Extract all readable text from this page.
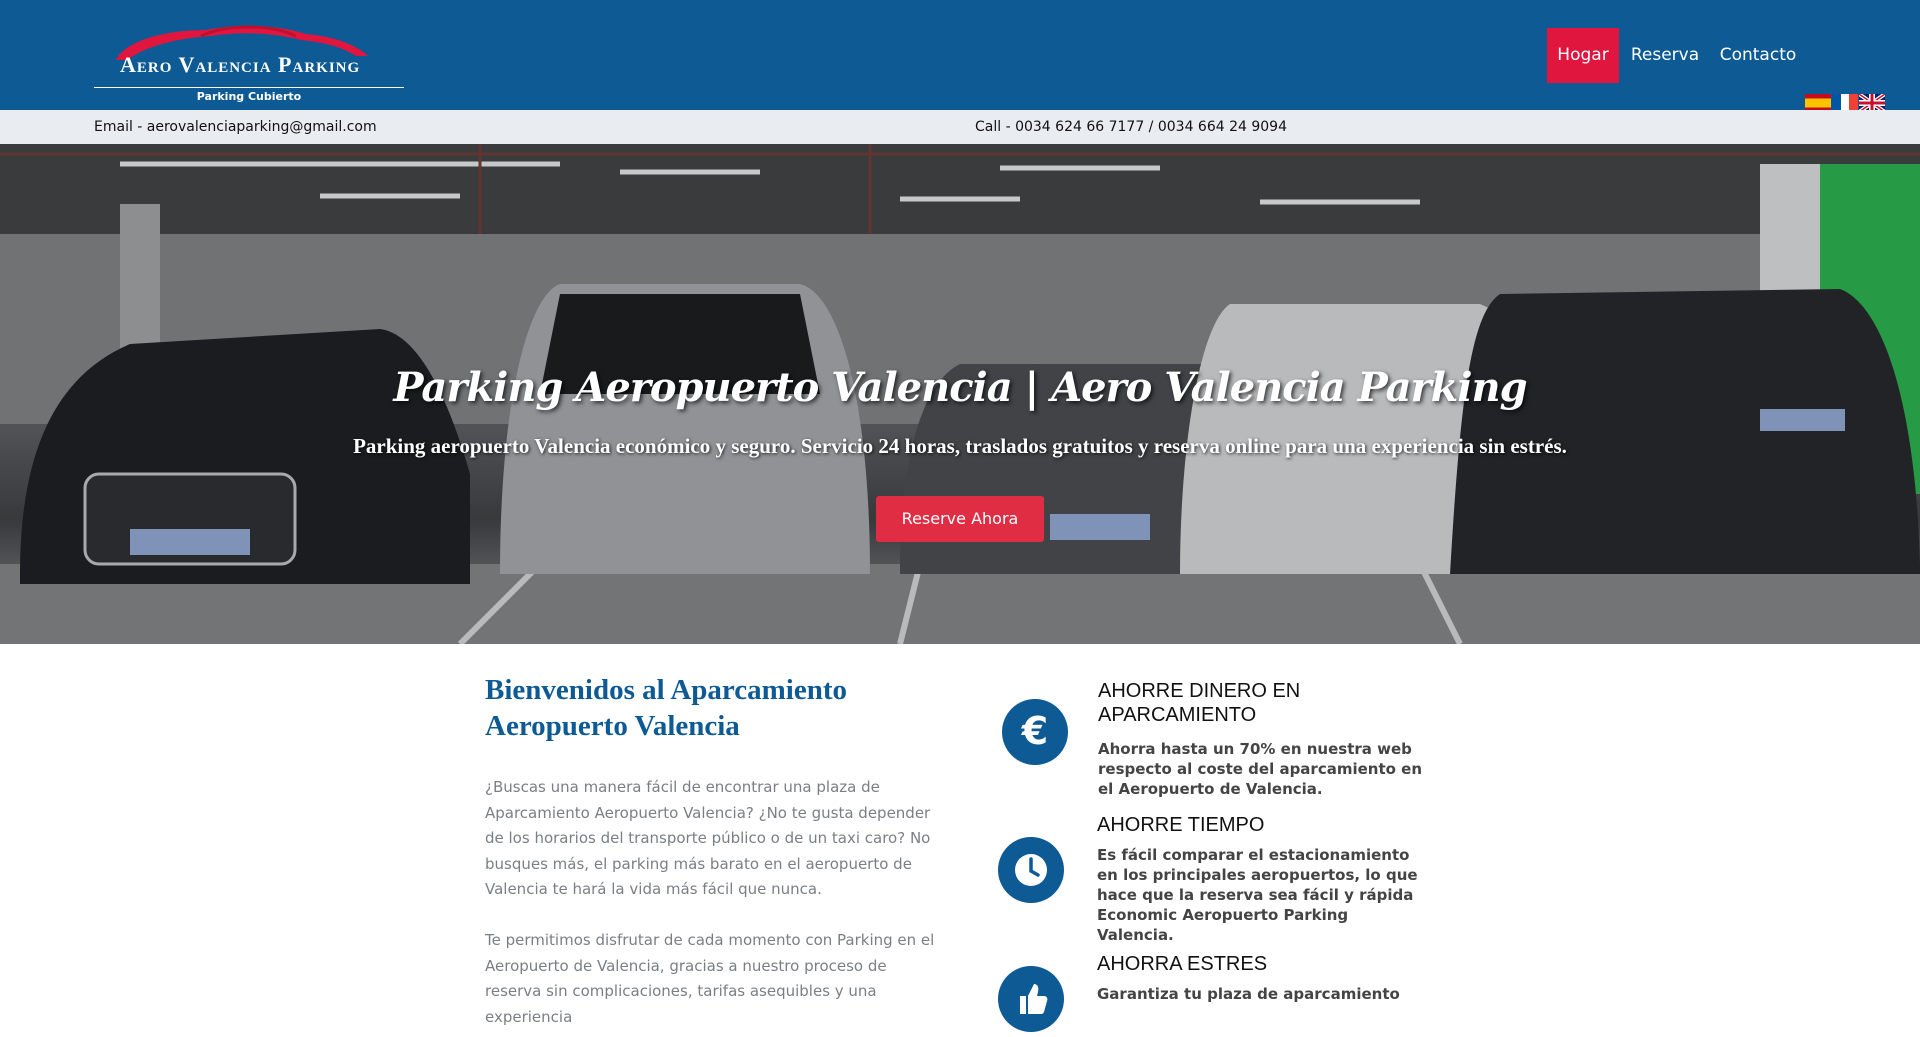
Aero Valencia Parking
Parking Cubierto
Hogar	Reserva	Contacto
Email - aerovalenciaparking@gmail.com	Call - 0034 624 66 7177 / 0034 664 24 9094
Parking Aeropuerto Valencia | Aero Valencia Parking
Parking aeropuerto Valencia económico y seguro. Servicio 24 horas, traslados gratuitos y reserva online para una experiencia sin estrés.
Reserve Ahora
Bienvenidos al Aparcamiento Aeropuerto Valencia
¿Buscas una manera fácil de encontrar una plaza de Aparcamiento Aeropuerto Valencia? ¿No te gusta depender de los horarios del transporte público o de un taxi caro? No busques más, el parking más barato en el aeropuerto de Valencia te hará la vida más fácil que nunca.
Te permitimos disfrutar de cada momento con Parking en el Aeropuerto de Valencia, gracias a nuestro proceso de reserva sin complicaciones, tarifas asequibles y una experiencia
€
AHORRE DINERO EN APARCAMIENTO
Ahorra hasta un 70% en nuestra web respecto al coste del aparcamiento en el Aeropuerto de Valencia.
AHORRE TIEMPO
Es fácil comparar el estacionamiento en los principales aeropuertos, lo que hace que la reserva sea fácil y rápida Economic Aeropuerto Parking Valencia.
AHORRA ESTRES
Garantiza tu plaza de aparcamiento
